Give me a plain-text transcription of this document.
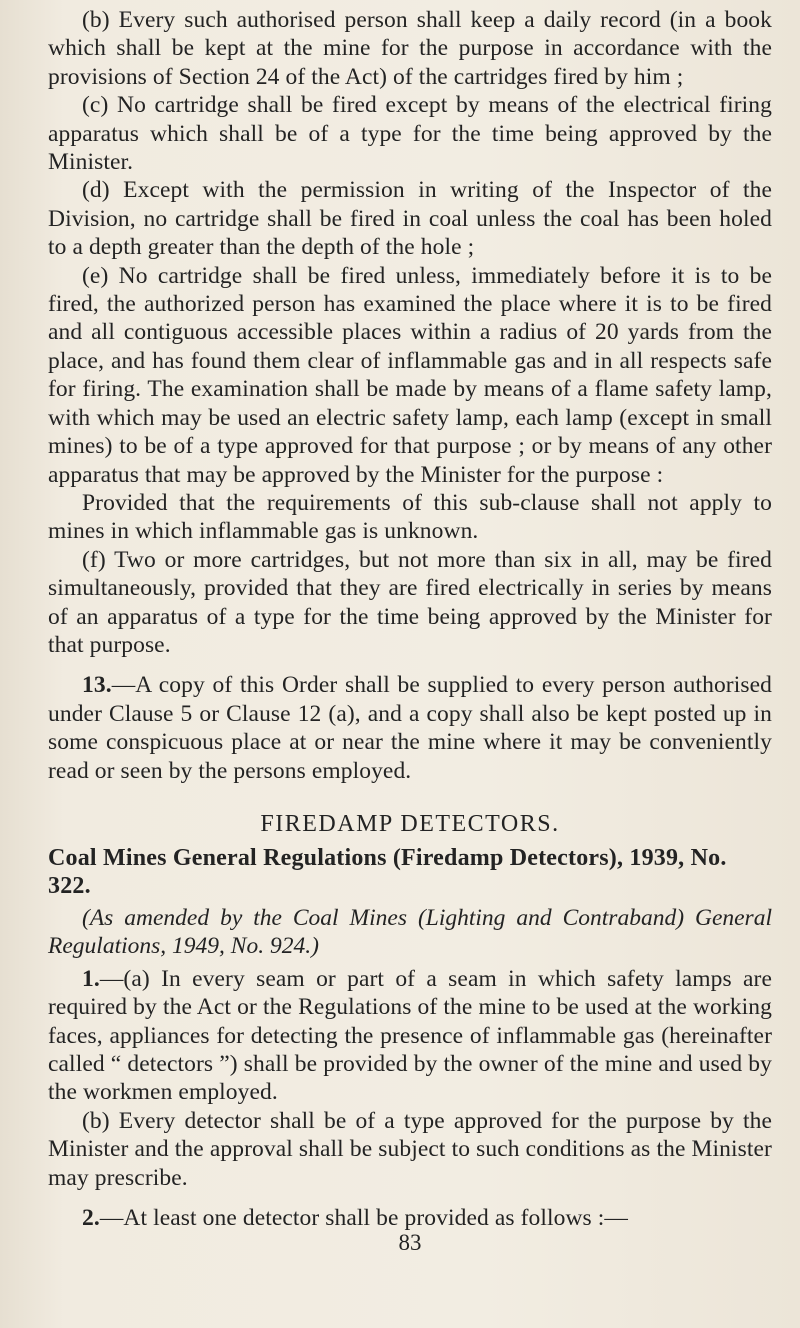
(b) Every such authorised person shall keep a daily record (in a book which shall be kept at the mine for the purpose in accordance with the provisions of Section 24 of the Act) of the cartridges fired by him ;

(c) No cartridge shall be fired except by means of the electrical firing apparatus which shall be of a type for the time being approved by the Minister.

(d) Except with the permission in writing of the Inspector of the Division, no cartridge shall be fired in coal unless the coal has been holed to a depth greater than the depth of the hole ;

(e) No cartridge shall be fired unless, immediately before it is to be fired, the authorized person has examined the place where it is to be fired and all contiguous accessible places within a radius of 20 yards from the place, and has found them clear of inflammable gas and in all respects safe for firing. The examination shall be made by means of a flame safety lamp, with which may be used an electric safety lamp, each lamp (except in small mines) to be of a type approved for that purpose ; or by means of any other apparatus that may be approved by the Minister for the purpose :

Provided that the requirements of this sub-clause shall not apply to mines in which inflammable gas is unknown.

(f) Two or more cartridges, but not more than six in all, may be fired simultaneously, provided that they are fired electrically in series by means of an apparatus of a type for the time being approved by the Minister for that purpose.

13.—A copy of this Order shall be supplied to every person authorised under Clause 5 or Clause 12 (a), and a copy shall also be kept posted up in some conspicuous place at or near the mine where it may be conveniently read or seen by the persons employed.

FIREDAMP DETECTORS.
Coal Mines General Regulations (Firedamp Detectors), 1939, No. 322.

(As amended by the Coal Mines (Lighting and Contraband) General Regulations, 1949, No. 924.)

1.—(a) In every seam or part of a seam in which safety lamps are required by the Act or the Regulations of the mine to be used at the working faces, appliances for detecting the presence of inflammable gas (hereinafter called “ detectors ”) shall be provided by the owner of the mine and used by the workmen employed.

(b) Every detector shall be of a type approved for the purpose by the Minister and the approval shall be subject to such conditions as the Minister may prescribe.

2.—At least one detector shall be provided as follows :—

83
